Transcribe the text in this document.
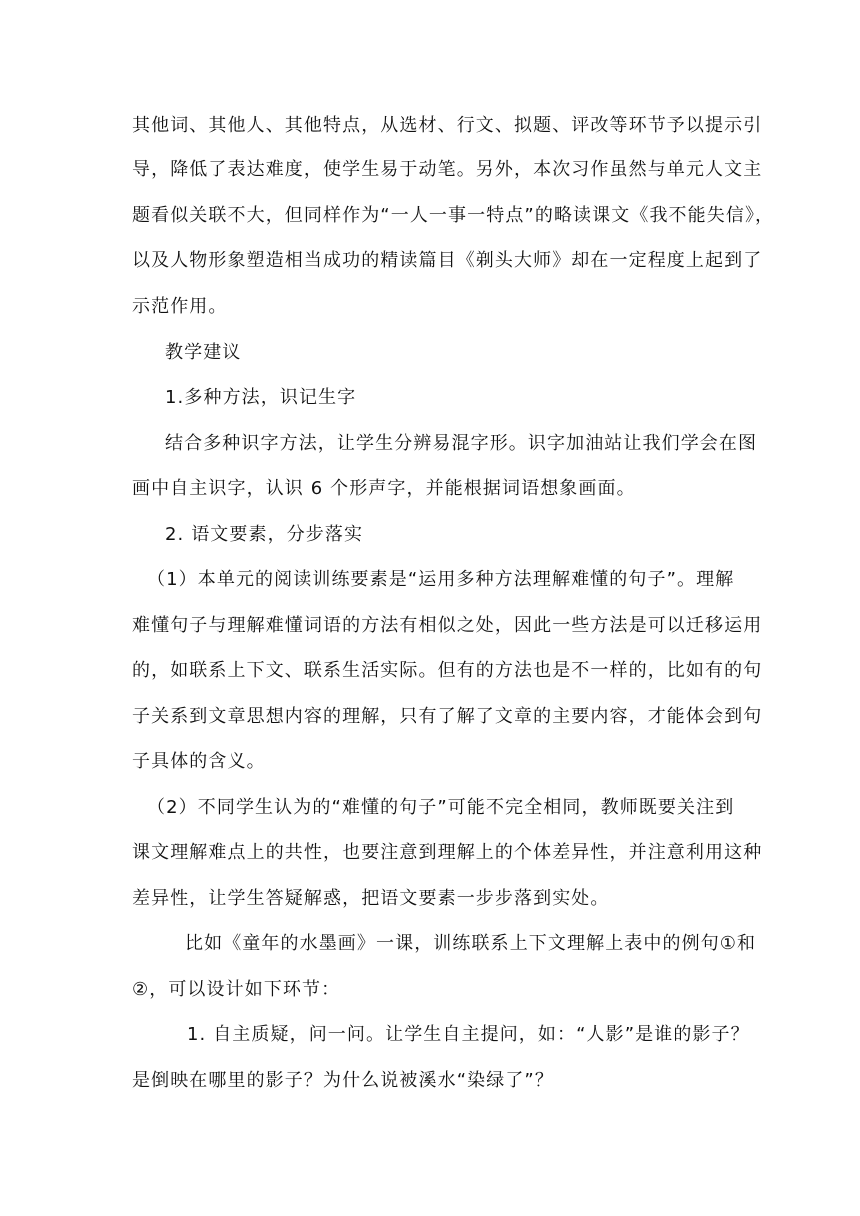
其他词、其他人、其他特点，从选材、行文、拟题、评改等环节予以提示引
导，降低了表达难度，使学生易于动笔。另外，本次习作虽然与单元人文主
题看似关联不大，但同样作为“一人一事一特点”的略读课文《我不能失信》，
以及人物形象塑造相当成功的精读篇目《剃头大师》却在一定程度上起到了
示范作用。
教学建议
1.多种方法，识记生字
结合多种识字方法，让学生分辨易混字形。识字加油站让我们学会在图
画中自主识字，认识 6 个形声字，并能根据词语想象画面。
2. 语文要素，分步落实
（1）本单元的阅读训练要素是“运用多种方法理解难懂的句子”。理解
难懂句子与理解难懂词语的方法有相似之处，因此一些方法是可以迁移运用
的，如联系上下文、联系生活实际。但有的方法也是不一样的，比如有的句
子关系到文章思想内容的理解，只有了解了文章的主要内容，才能体会到句
子具体的含义。
（2）不同学生认为的“难懂的句子”可能不完全相同，教师既要关注到
课文理解难点上的共性，也要注意到理解上的个体差异性，并注意利用这种
差异性，让学生答疑解惑，把语文要素一步步落到实处。
比如《童年的水墨画》一课，训练联系上下文理解上表中的例句①和
②，可以设计如下环节：
1. 自主质疑，问一问。让学生自主提问，如：“人影”是谁的影子？
是倒映在哪里的影子？为什么说被溪水“染绿了”？
